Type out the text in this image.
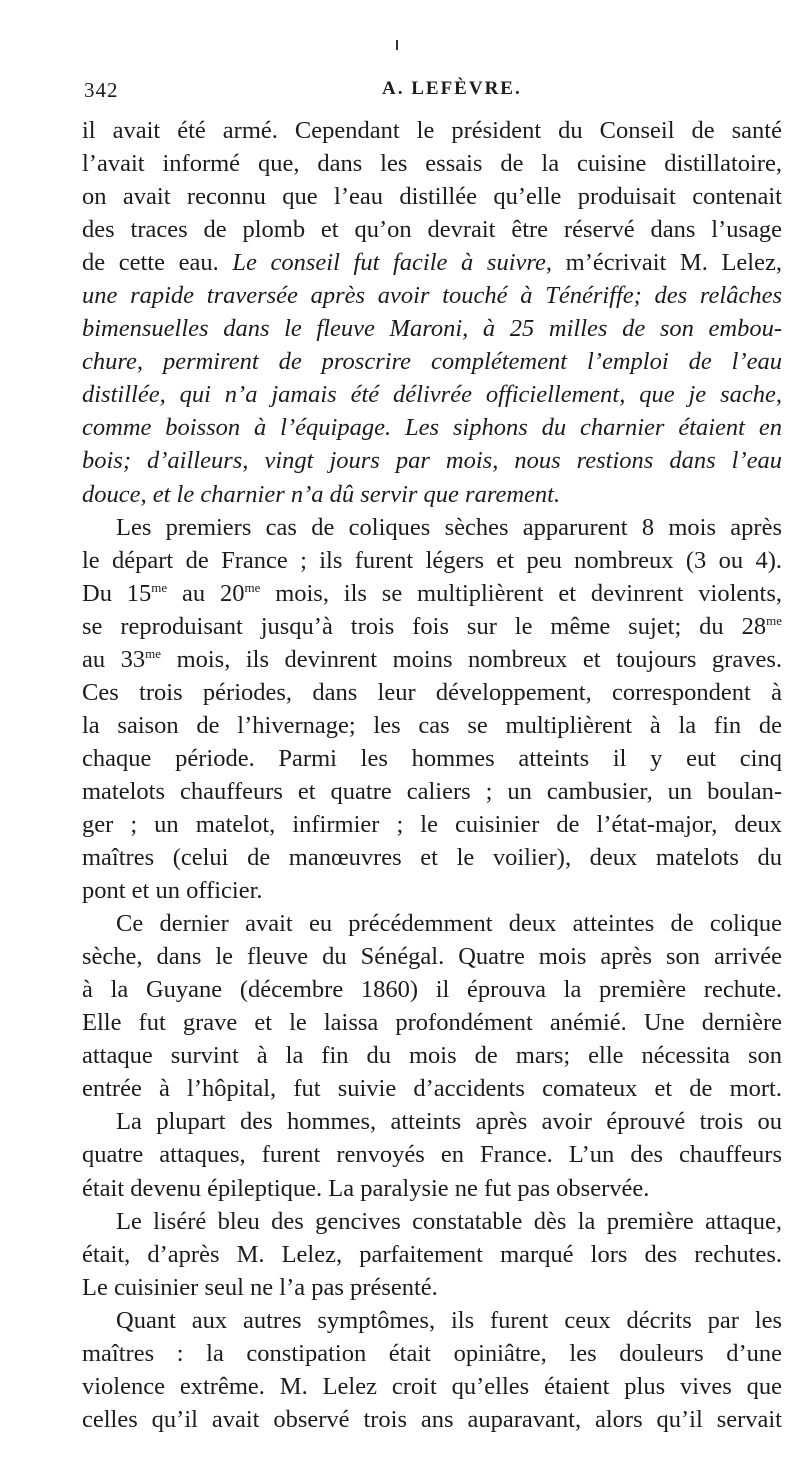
342	A. LEFÈVRE.
il avait été armé. Cependant le président du Conseil de santé
l’avait informé que, dans les essais de la cuisine distillatoire,
on avait reconnu que l’eau distillée qu’elle produisait contenait
des traces de plomb et qu’on devrait être réservé dans l’usage
de cette eau. Le conseil fut facile à suivre, m’écrivait M. Lelez,
une rapide traversée après avoir touché à Ténériffe; des relâches
bimensuelles dans le fleuve Maroni, à 25 milles de son embou-
chure, permirent de proscrire complétement l’emploi de l’eau
distillée, qui n’a jamais été délivrée officiellement, que je sache,
comme boisson à l’équipage. Les siphons du charnier étaient en
bois; d’ailleurs, vingt jours par mois, nous restions dans l’eau
douce, et le charnier n’a dû servir que rarement.
Les premiers cas de coliques sèches apparurent 8 mois après
le départ de France ; ils furent légers et peu nombreux (3 ou 4).
Du $15^{me}$ au $20^{me}$ mois, ils se multiplièrent et devinrent violents,
se reproduisant jusqu’à trois fois sur le même sujet; du $28^{me}$
au $33^{me}$ mois, ils devinrent moins nombreux et toujours graves.
Ces trois périodes, dans leur développement, correspondent à
la saison de l’hivernage; les cas se multiplièrent à la fin de
chaque période. Parmi les hommes atteints il y eut cinq
matelots chauffeurs et quatre caliers ; un cambusier, un boulan-
ger ; un matelot, infirmier ; le cuisinier de l’état-major, deux
maîtres (celui de manœuvres et le voilier), deux matelots du
pont et un officier.
Ce dernier avait eu précédemment deux atteintes de colique
sèche, dans le fleuve du Sénégal. Quatre mois après son arrivée
à la Guyane (décembre 1860) il éprouva la première rechute.
Elle fut grave et le laissa profondément anémié. Une dernière
attaque survint à la fin du mois de mars; elle nécessita son
entrée à l’hôpital, fut suivie d’accidents comateux et de mort.
La plupart des hommes, atteints après avoir éprouvé trois ou
quatre attaques, furent renvoyés en France. L’un des chauffeurs
était devenu épileptique. La paralysie ne fut pas observée.
Le liséré bleu des gencives constatable dès la première attaque,
était, d’après M. Lelez, parfaitement marqué lors des rechutes.
Le cuisinier seul ne l’a pas présenté.
Quant aux autres symptômes, ils furent ceux décrits par les
maîtres : la constipation était opiniâtre, les douleurs d’une
violence extrême. M. Lelez croit qu’elles étaient plus vives que
celles qu’il avait observé trois ans auparavant, alors qu’il servait
